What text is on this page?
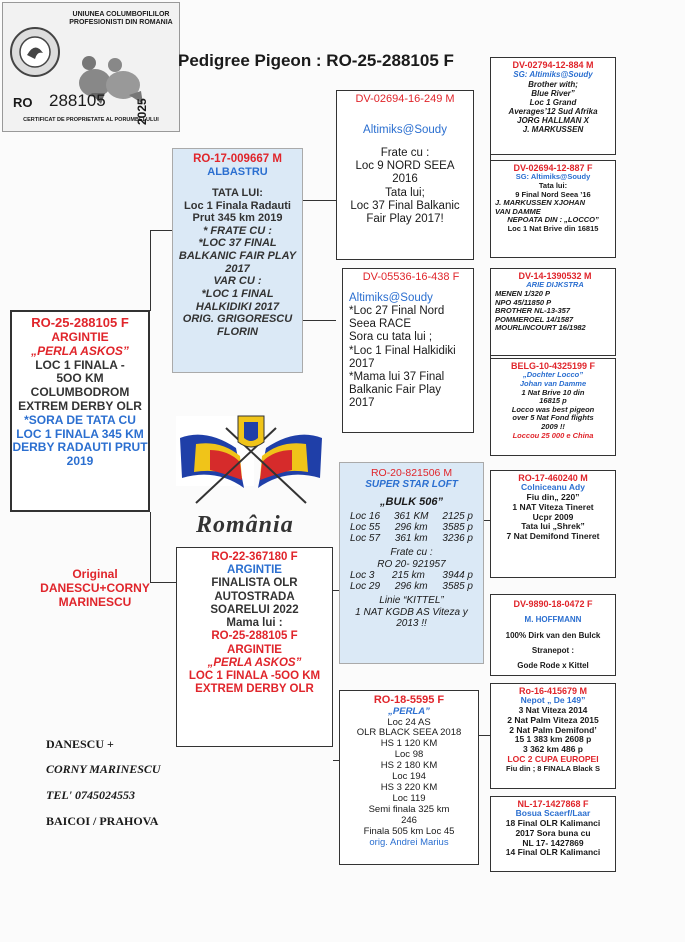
UNIUNEA COLUMBOFILILOR
PROFESIONISTI DIN ROMANIA
RO 288105 2025
CERTIFICAT DE PROPRIETATE AL PORUMBELULUI
Pedigree Pigeon : RO-25-288105 F
RO-25-288105 F
ARGINTIE
„PERLA ASKOS”
LOC 1 FINALA -
5OO KM
COLUMBODROM
EXTREM DERBY OLR
*SORA DE TATA CU
LOC 1 FINALA 345 KM
DERBY RADAUTI PRUT
2019
Original
DANESCU+CORNY MARINESCU
DANESCU +
CORNY MARINESCU
TEL' 0745024553
BAICOI / PRAHOVA
RO-17-009667 M
ALBASTRU
TATA LUI:
Loc 1 Finala Radauti
Prut 345 km 2019
* FRATE CU :
*LOC 37 FINAL
BALKANIC FAIR PLAY
2017
VAR CU :
*LOC 1 FINAL
HALKIDIKI 2017
ORIG. GRIGORESCU
FLORIN
România
RO-22-367180 F
ARGINTIE
FINALISTA OLR
AUTOSTRADA
SOARELUI 2022
Mama lui :
RO-25-288105 F
ARGINTIE
„PERLA ASKOS”
LOC 1 FINALA -5OO KM
EXTREM DERBY OLR
DV-02694-16-249 M
Altimiks@Soudy
Frate cu :
Loc 9 NORD SEEA
2016
Tata lui;
Loc 37 Final Balkanic
Fair Play 2017!
DV-05536-16-438 F
Altimiks@Soudy
*Loc 27 Final Nord
Seea RACE
Sora cu tata lui ;
*Loc 1 Final Halkidiki
2017
*Mama lui 37 Final
Balkanic Fair Play
2017
RO-20-821506 M
SUPER STAR LOFT
„BULK 506”
Loc 16 361 KM 2125 p
Loc 55 296 km 3585 p
Loc 57 361 km 3236 p
Frate cu :
RO 20- 921957
Loc 3 215 km 3944 p
Loc 29 296 km 3585 p
Linie “KITTEL”
1 NAT KGDB AS Viteza y
2013 !!
RO-18-5595 F
„PERLA”
Loc 24 AS
OLR BLACK SEEA 2018
HS 1 120 KM
Loc 98
HS 2 180 KM
Loc 194
HS 3 220 KM
Loc 119
Semi finala 325 km
246
Finala 505 km Loc 45
orig. Andrei Marius
DV-02794-12-884 M
SG: Altimiks@Soudy
Brother with;
Blue River”
Loc 1 Grand
Averages’12 Sud Afrika
JORG HALLMAN X
J. MARKUSSEN
DV-02694-12-887 F
SG: Altimiks@Soudy
Tata lui:
9 Final Nord Seea ’16
J. MARKUSSEN XJOHAN
VAN DAMME
NEPOATA DIN : „LOCCO”
Loc 1 Nat Brive din 16815
DV-14-1390532 M
ARIE DIJKSTRA
MENEN 1/320 P
NPO 45/11850 P
BROTHER NL-13-357
POMMEROEL 14/1587
MOURLINCOURT 16/1982
BELG-10-4325199 F
„Dochter Locco”
Johan van Damme
1 Nat Brive 10 din
16815 p
Locco was best pigeon
over 5 Nat Fond flights
2009 !!
Loccou 25 000 e China
RO-17-460240 M
Colniceanu Ady
Fiu din„ 220”
1 NAT Viteza Tineret
Ucpr 2009
Tata lui „Shrek”
7 Nat Demifond Tineret
DV-9890-18-0472 F
M. HOFFMANN
100% Dirk van den Bulck
Stranepot :
Gode Rode x Kittel
Ro-16-415679 M
Nepot „ De 149”
3 Nat Viteza 2014
2 Nat Palm Viteza 2015
2 Nat Palm Demifond’
15 1 383 km 2608 p
3 362 km 486 p
LOC 2 CUPA EUROPEI
Fiu din ; 8 FINALA Black S
NL-17-1427868 F
Bosua Scaerf/Laar
18 Final OLR Kalimanci
2017 Sora buna cu
NL 17- 1427869
14 Final OLR Kalimanci
